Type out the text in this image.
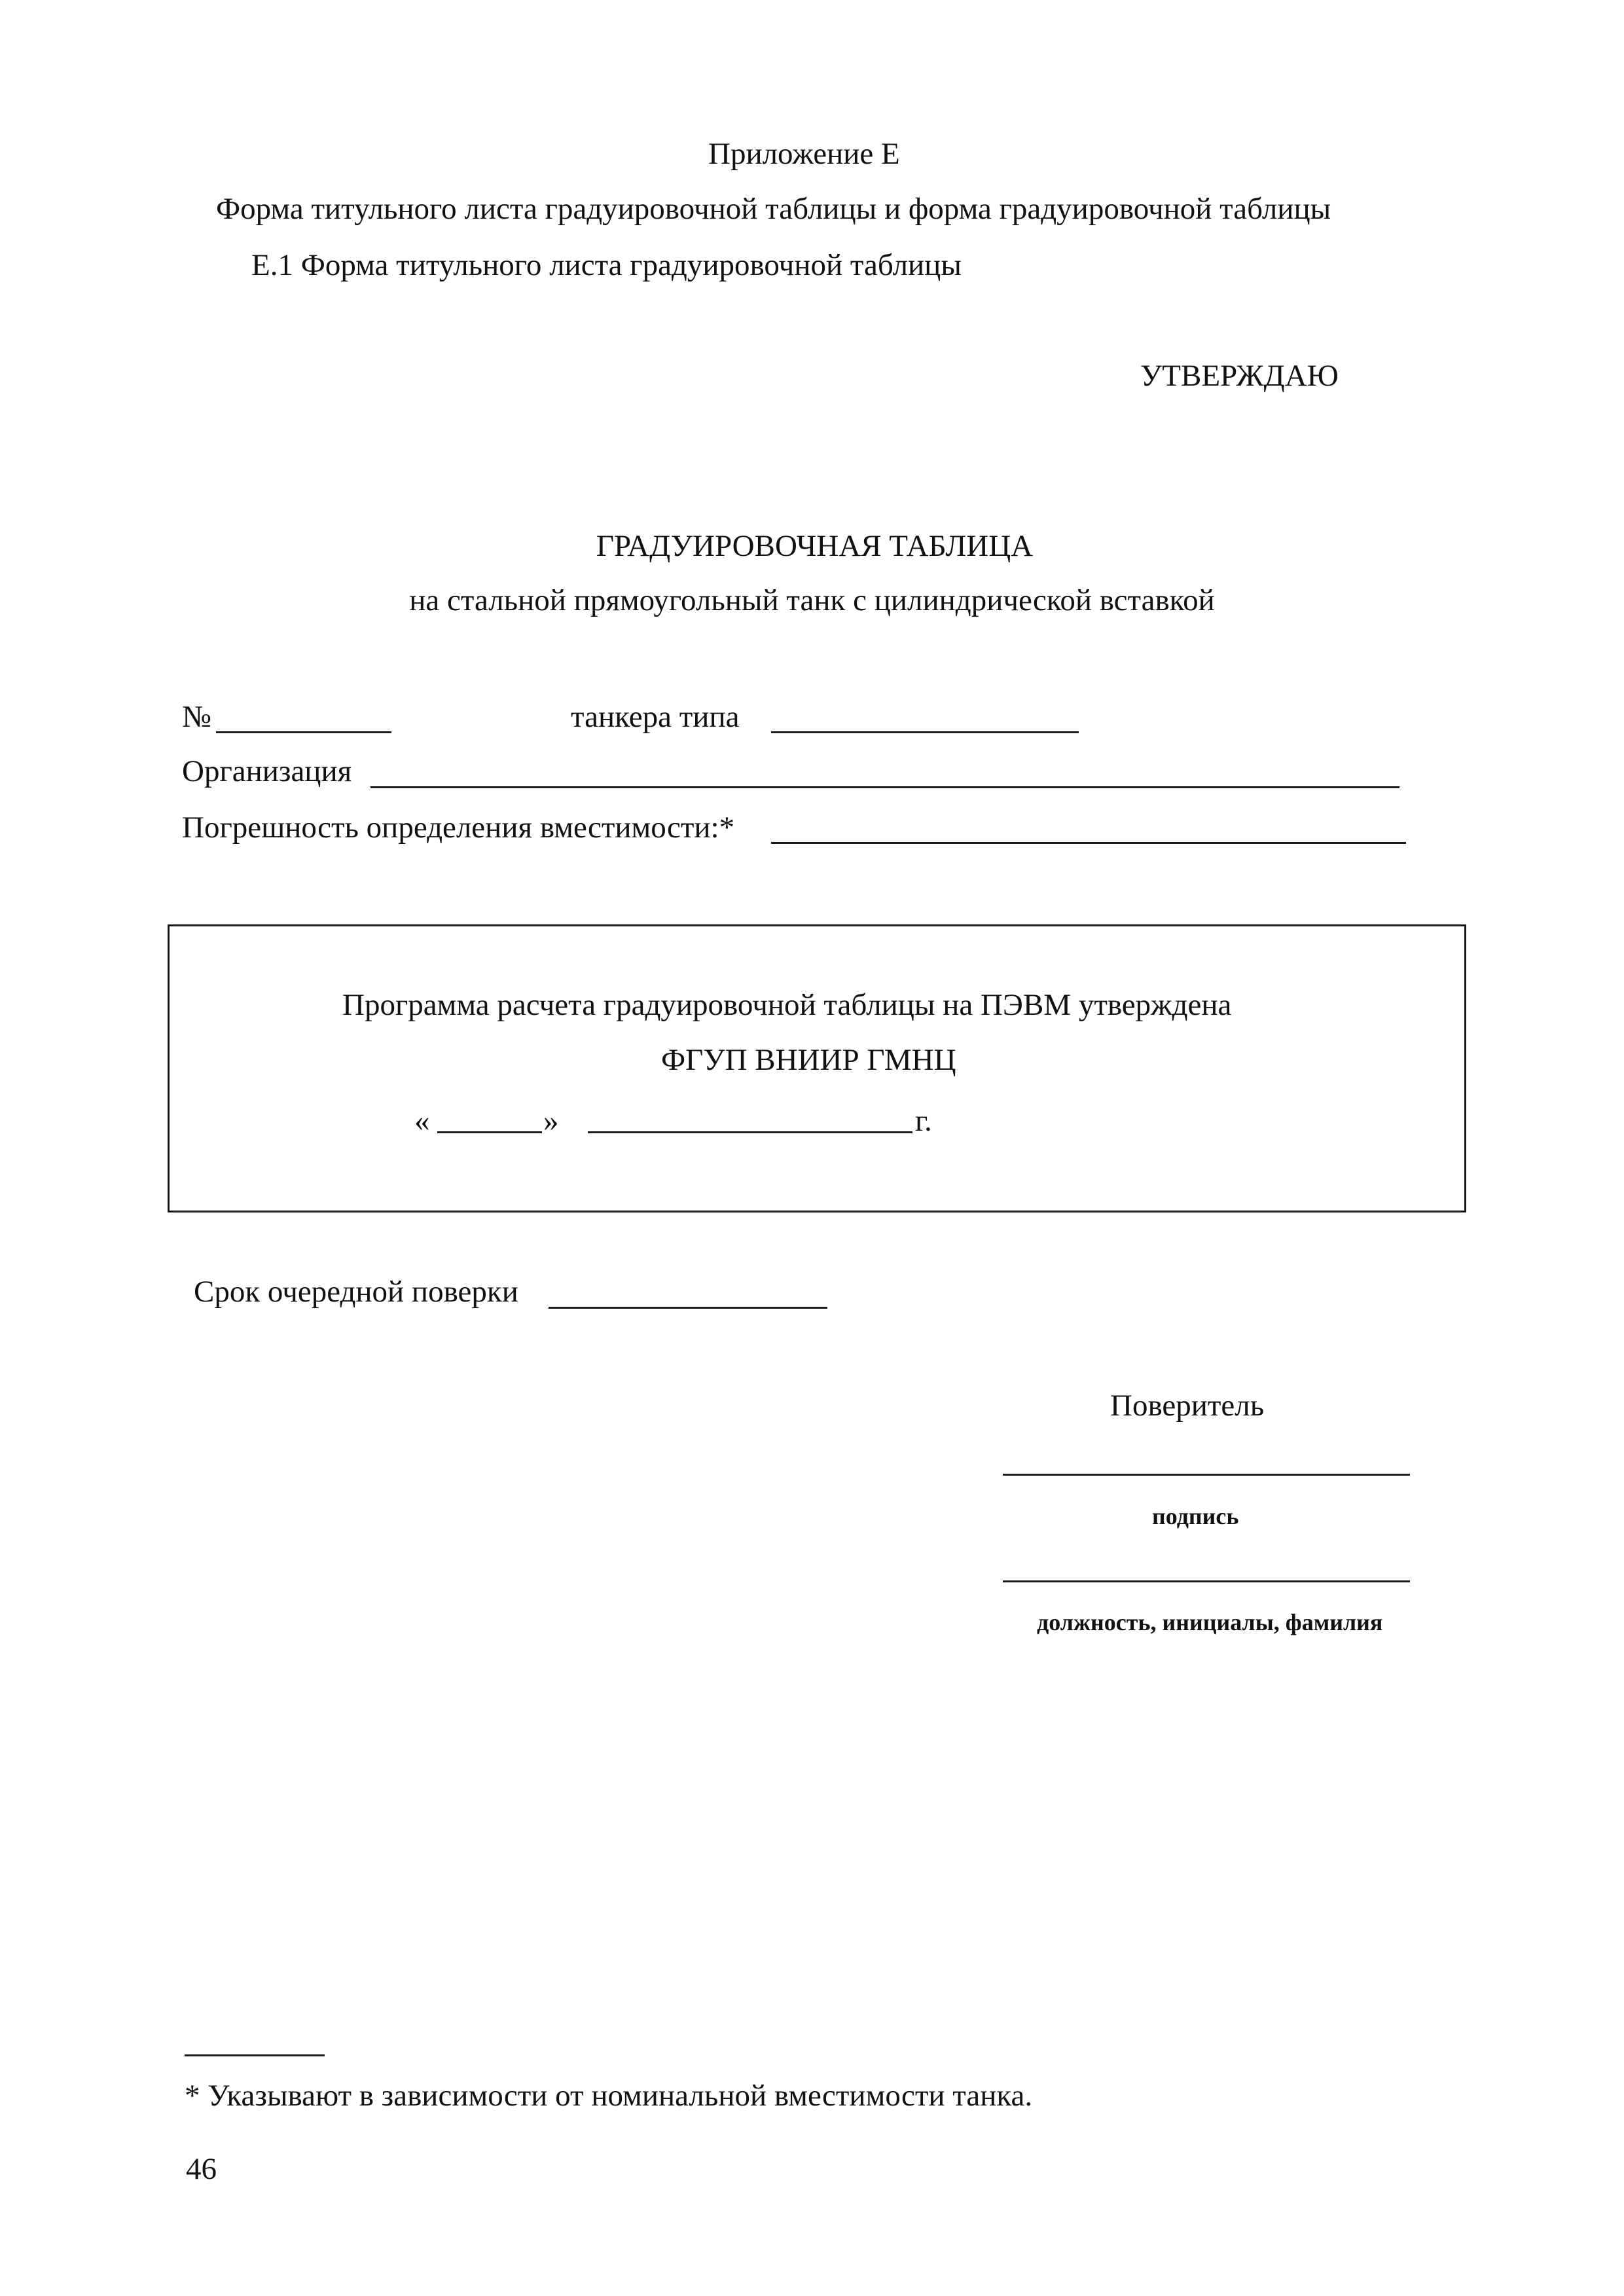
Приложение Е
Форма титульного листа градуировочной таблицы и форма градуировочной таблицы
Е.1 Форма титульного листа градуировочной таблицы
УТВЕРЖДАЮ
ГРАДУИРОВОЧНАЯ ТАБЛИЦА
на стальной прямоугольный танк с цилиндрической вставкой
№	танкера типа
Организация
Погрешность определения вместимости:*
Программа расчета градуировочной таблицы на ПЭВМ утверждена
ФГУП ВНИИР ГМНЦ
«	»	г.
Срок очередной поверки
Поверитель
подпись
должность, инициалы, фамилия
* Указывают в зависимости от номинальной вместимости танка.
46
